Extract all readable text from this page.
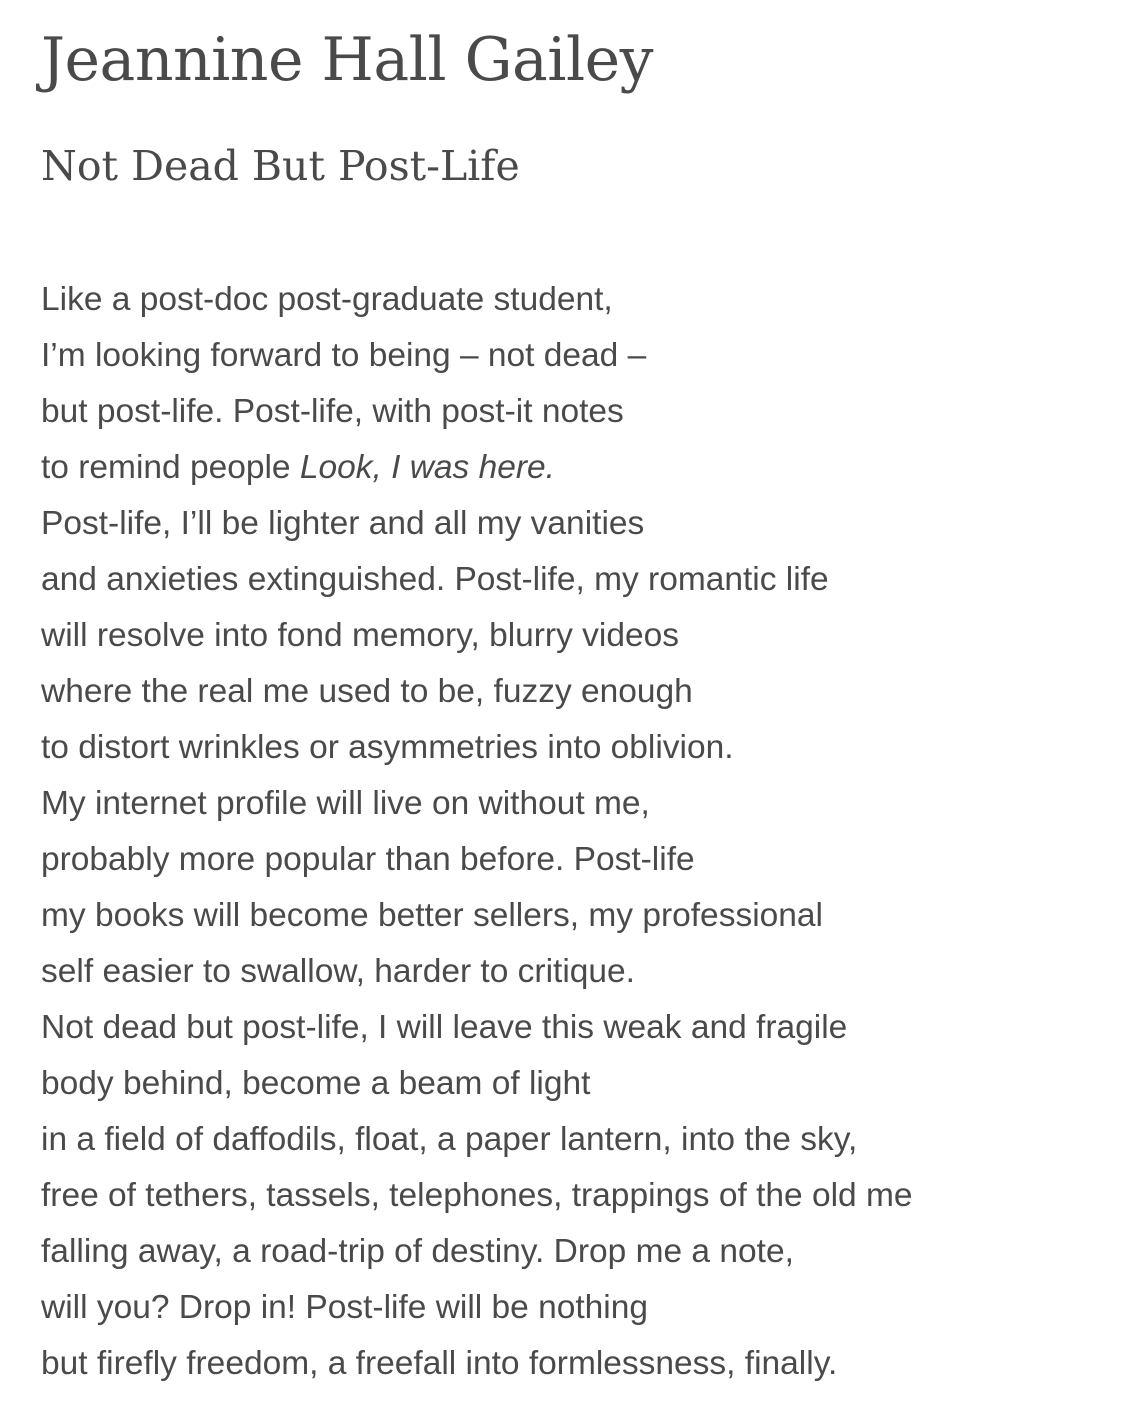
Jeannine Hall Gailey
Not Dead But Post-Life
Like a post-doc post-graduate student,
I’m looking forward to being – not dead –
but post-life. Post-life, with post-it notes
to remind people Look, I was here.
Post-life, I’ll be lighter and all my vanities
and anxieties extinguished. Post-life, my romantic life
will resolve into fond memory, blurry videos
where the real me used to be, fuzzy enough
to distort wrinkles or asymmetries into oblivion.
My internet profile will live on without me,
probably more popular than before. Post-life
my books will become better sellers, my professional
self easier to swallow, harder to critique.
Not dead but post-life, I will leave this weak and fragile
body behind, become a beam of light
in a field of daffodils, float, a paper lantern, into the sky,
free of tethers, tassels, telephones, trappings of the old me
falling away, a road-trip of destiny. Drop me a note,
will you? Drop in! Post-life will be nothing
but firefly freedom, a freefall into formlessness, finally.
